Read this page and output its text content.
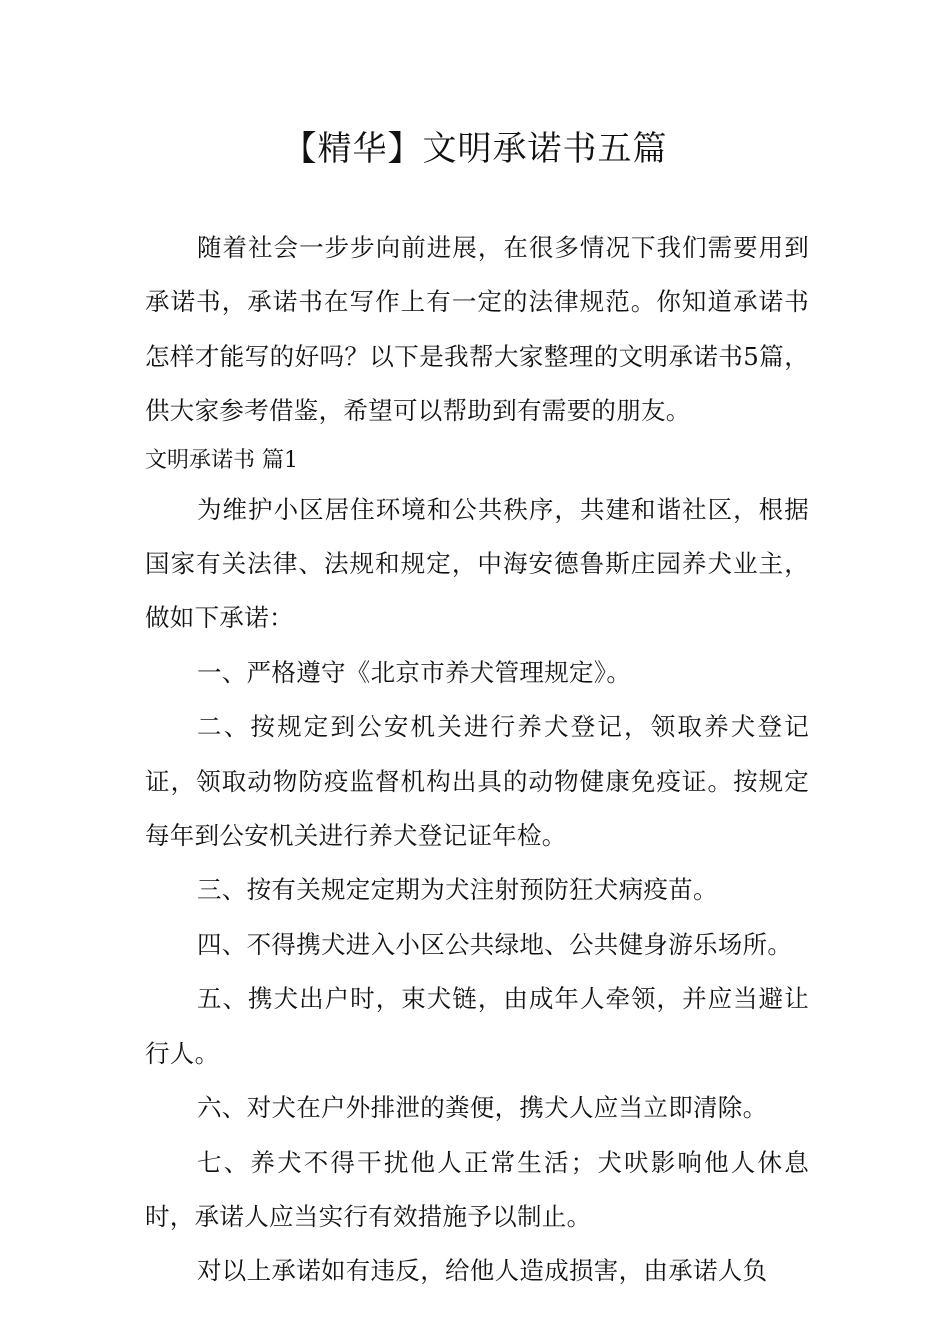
【精华】文明承诺书五篇

随着社会一步步向前进展，在很多情况下我们需要用到承诺书，承诺书在写作上有一定的法律规范。你知道承诺书怎样才能写的好吗？以下是我帮大家整理的文明承诺书5篇，供大家参考借鉴，希望可以帮助到有需要的朋友。

文明承诺书 篇1

为维护小区居住环境和公共秩序，共建和谐社区，根据国家有关法律、法规和规定，中海安德鲁斯庄园养犬业主，做如下承诺：

一、严格遵守《北京市养犬管理规定》。

二、按规定到公安机关进行养犬登记，领取养犬登记证，领取动物防疫监督机构出具的动物健康免疫证。按规定每年到公安机关进行养犬登记证年检。

三、按有关规定定期为犬注射预防狂犬病疫苗。

四、不得携犬进入小区公共绿地、公共健身游乐场所。

五、携犬出户时，束犬链，由成年人牵领，并应当避让行人。

六、对犬在户外排泄的粪便，携犬人应当立即清除。

七、养犬不得干扰他人正常生活；犬吠影响他人休息时，承诺人应当实行有效措施予以制止。

对以上承诺如有违反，给他人造成损害，由承诺人负
